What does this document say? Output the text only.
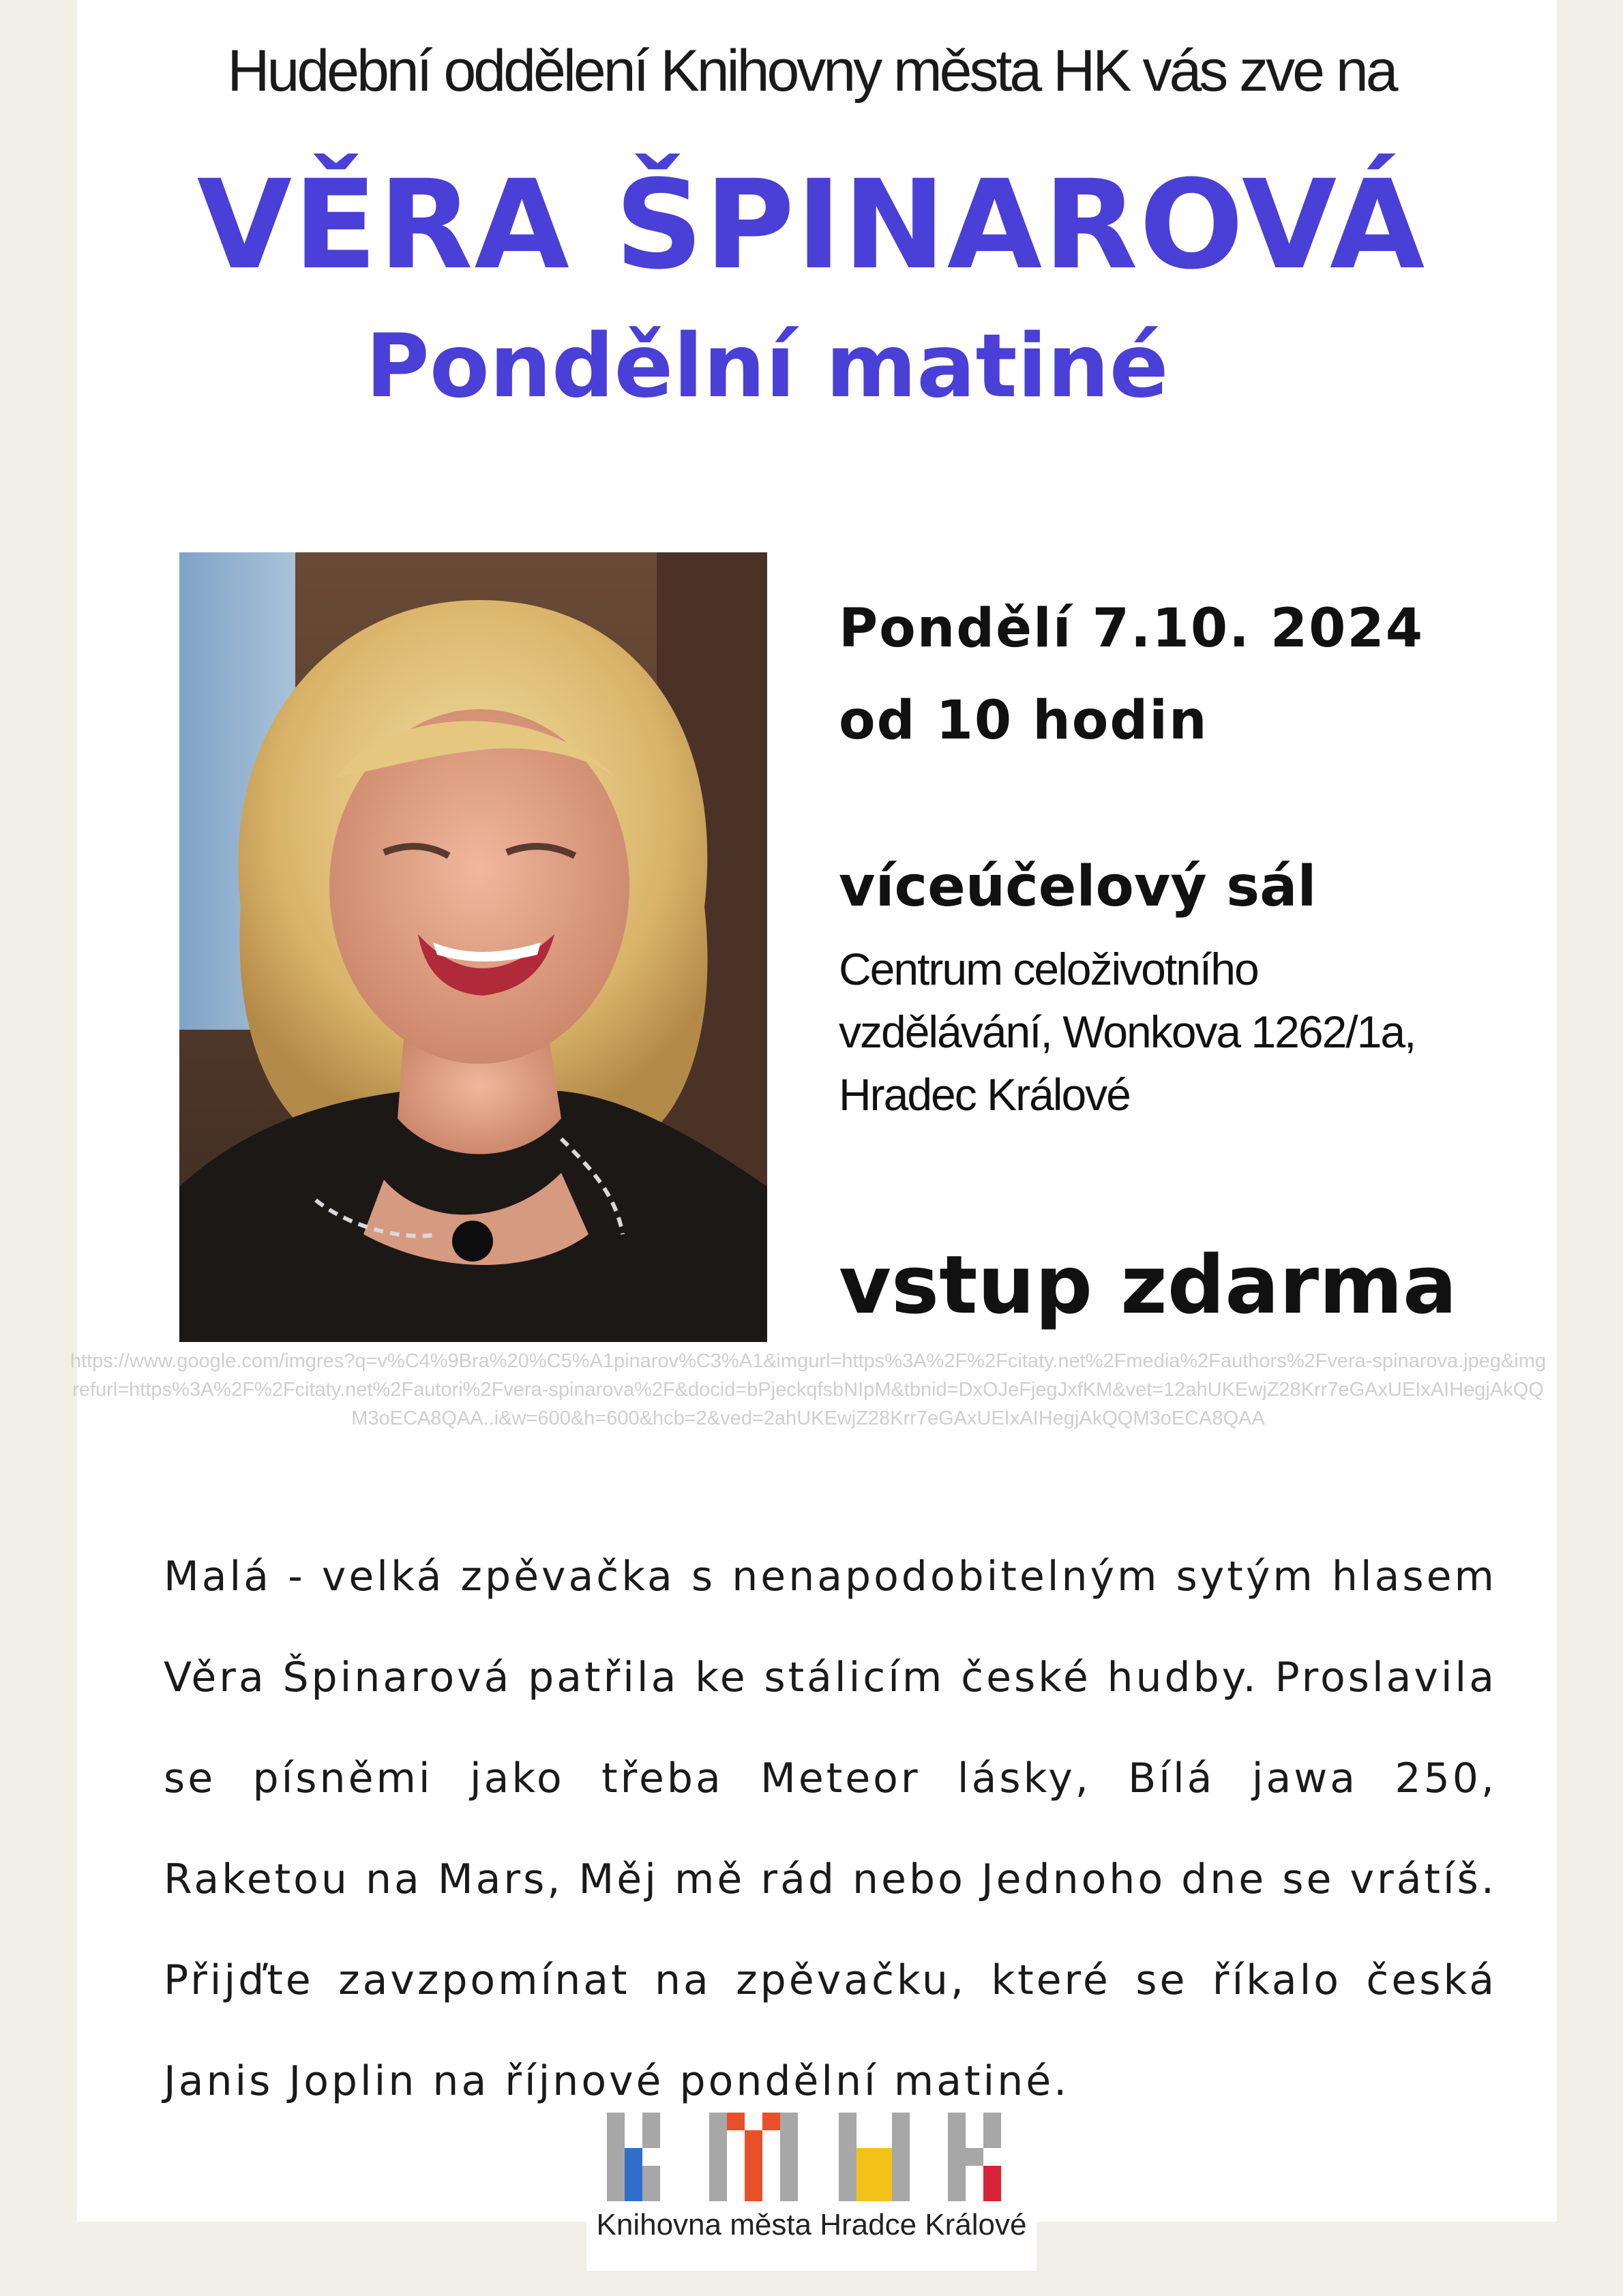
Hudební oddělení Knihovny města HK vás zve na
VĚRA ŠPINAROVÁ
Pondělní matiné
Pondělí 7.10. 2024
od 10 hodin
víceúčelový sál
Centrum celoživotního
vzdělávání, Wonkova 1262/1a,
Hradec Králové
vstup zdarma
https://www.google.com/imgres?q=v%C4%9Bra%20%C5%A1pinarov%C3%A1&imgurl=https%3A%2F%2Fcitaty.net%2Fmedia%2Fauthors%2Fvera-spinarova.jpeg&imgrefurl=https%3A%2F%2Fcitaty.net%2Fautori%2Fvera-spinarova%2F&docid=bPjeckqfsbNIpM&tbnid=DxOJeFjegJxfKM&vet=12ahUKEwjZ28Krr7eGAxUEIxAIHegjAkQQM3oECA8QAA..i&w=600&h=600&hcb=2&ved=2ahUKEwjZ28Krr7eGAxUEIxAIHegjAkQQM3oECA8QAA
Malá - velká zpěvačka s nenapodobitelným sytým hlasem Věra Špinarová patřila ke stálicím české hudby. Proslavila se písněmi jako třeba Meteor lásky, Bílá jawa 250, Raketou na Mars, Měj mě rád nebo Jednoho dne se vrátíš. Přijďte zavzpomínat na zpěvačku, které se říkalo česká Janis Joplin na říjnové pondělní matiné.
Knihovna města Hradce Králové
